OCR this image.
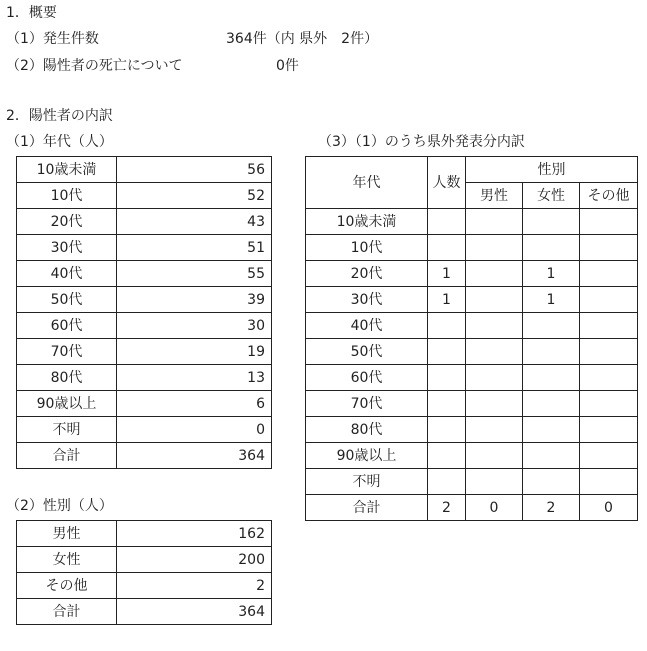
1．概要
（1）発生件数	364件（内 県外　2件）
（2）陽性者の死亡について	0件
2．陽性者の内訳
（1）年代（人）	（3）（1）のうち県外発表分内訳
10歳未満	56
10代	52
20代	43
30代	51
40代	55
50代	39
60代	30
70代	19
80代	13
90歳以上	6
不明	0
合計	364
（2）性別（人）
男性	162
女性	200
その他	2
合計	364
年代	人数	性別		
		男性	女性	その他
10歳未満				
10代				
20代	1		1	
30代	1		1	
40代				
50代				
60代				
70代				
80代				
90歳以上				
不明				
合計	2	0	2	0
